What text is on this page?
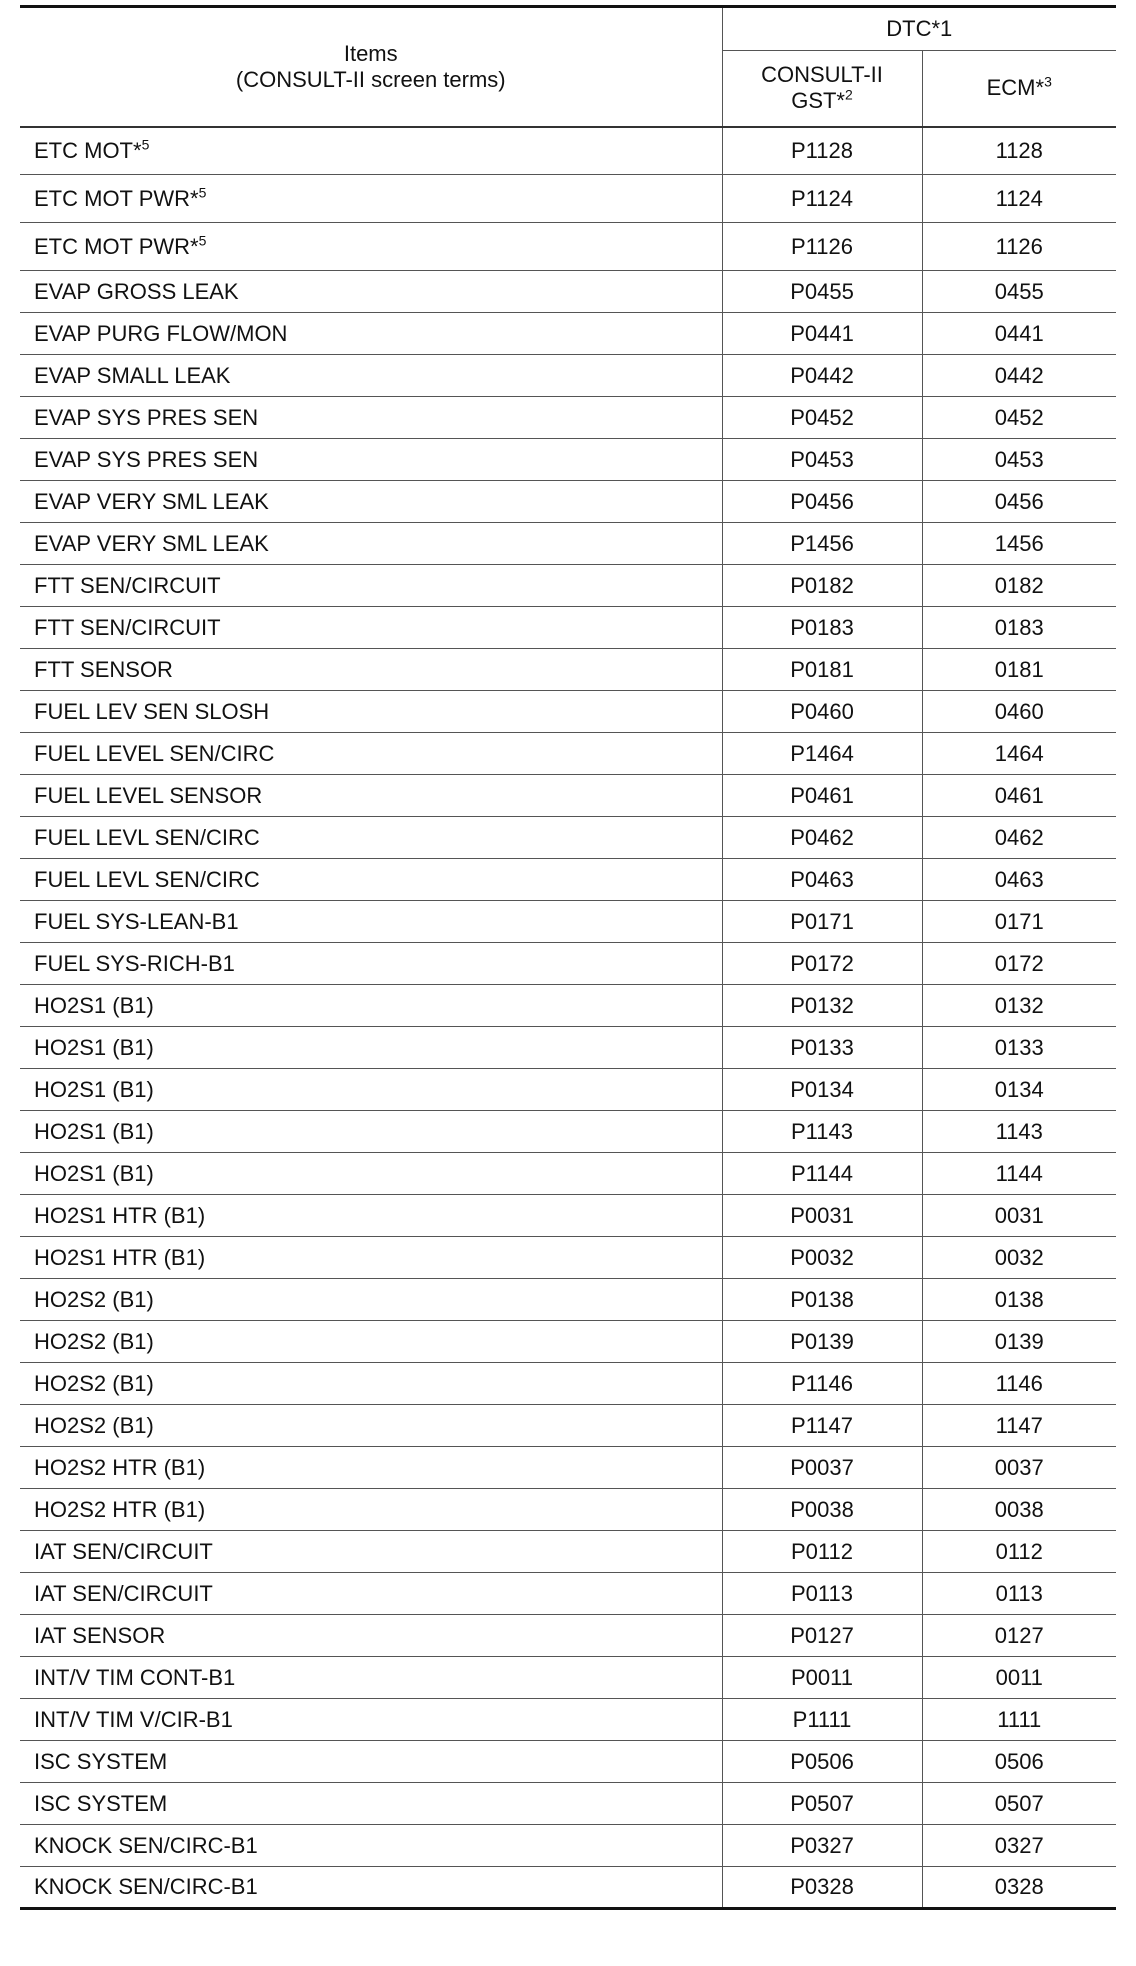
Items
(CONSULT-II screen terms)	DTC*1	

	CONSULT-II
GST*$^2$	ECM*$^3$
ETC MOT*$^5$	P1128	1128
ETC MOT PWR*$^5$	P1124	1124
ETC MOT PWR*$^5$	P1126	1126
EVAP GROSS LEAK	P0455	0455
EVAP PURG FLOW/MON	P0441	0441
EVAP SMALL LEAK	P0442	0442
EVAP SYS PRES SEN	P0452	0452
EVAP SYS PRES SEN	P0453	0453
EVAP VERY SML LEAK	P0456	0456
EVAP VERY SML LEAK	P1456	1456
FTT SEN/CIRCUIT	P0182	0182
FTT SEN/CIRCUIT	P0183	0183
FTT SENSOR	P0181	0181
FUEL LEV SEN SLOSH	P0460	0460
FUEL LEVEL SEN/CIRC	P1464	1464
FUEL LEVEL SENSOR	P0461	0461
FUEL LEVL SEN/CIRC	P0462	0462
FUEL LEVL SEN/CIRC	P0463	0463
FUEL SYS-LEAN-B1	P0171	0171
FUEL SYS-RICH-B1	P0172	0172
HO2S1 (B1)	P0132	0132
HO2S1 (B1)	P0133	0133
HO2S1 (B1)	P0134	0134
HO2S1 (B1)	P1143	1143
HO2S1 (B1)	P1144	1144
HO2S1 HTR (B1)	P0031	0031
HO2S1 HTR (B1)	P0032	0032
HO2S2 (B1)	P0138	0138
HO2S2 (B1)	P0139	0139
HO2S2 (B1)	P1146	1146
HO2S2 (B1)	P1147	1147
HO2S2 HTR (B1)	P0037	0037
HO2S2 HTR (B1)	P0038	0038
IAT SEN/CIRCUIT	P0112	0112
IAT SEN/CIRCUIT	P0113	0113
IAT SENSOR	P0127	0127
INT/V TIM CONT-B1	P0011	0011
INT/V TIM V/CIR-B1	P1111	1111
ISC SYSTEM	P0506	0506
ISC SYSTEM	P0507	0507
KNOCK SEN/CIRC-B1	P0327	0327
KNOCK SEN/CIRC-B1	P0328	0328
